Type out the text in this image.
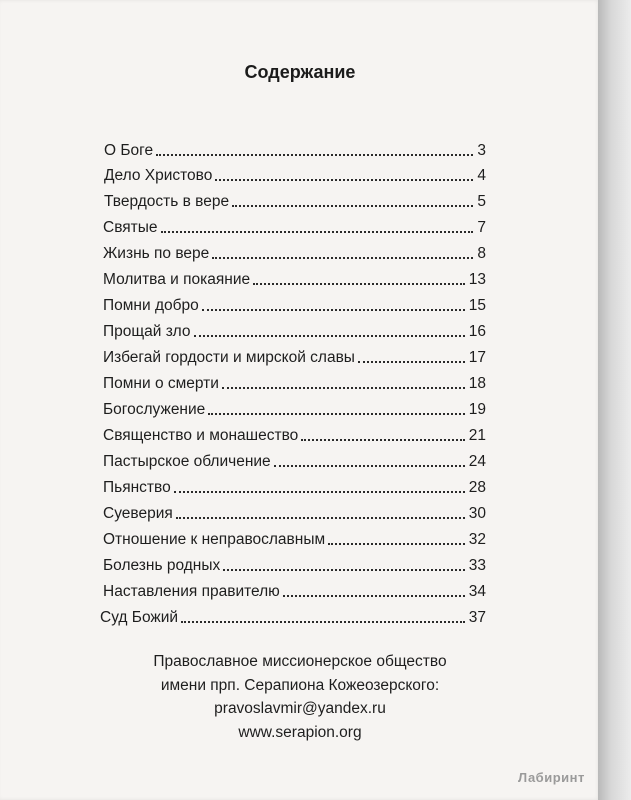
Содержание
О Боге	3
Дело Христово	4
Твердость в вере	5
Святые	7
Жизнь по вере	8
Молитва и покаяние	13
Помни добро	15
Прощай зло	16
Избегай гордости и мирской славы	17
Помни о смерти	18
Богослужение	19
Священство и монашество	21
Пастырское обличение	24
Пьянство	28
Суеверия	30
Отношение к неправославным	32
Болезнь родных	33
Наставления правителю	34
Суд Божий	37
Православное миссионерское общество
имени прп. Серапиона Кожеозерского:
pravoslavmir@yandex.ru
www.serapion.org
Лабиринт
